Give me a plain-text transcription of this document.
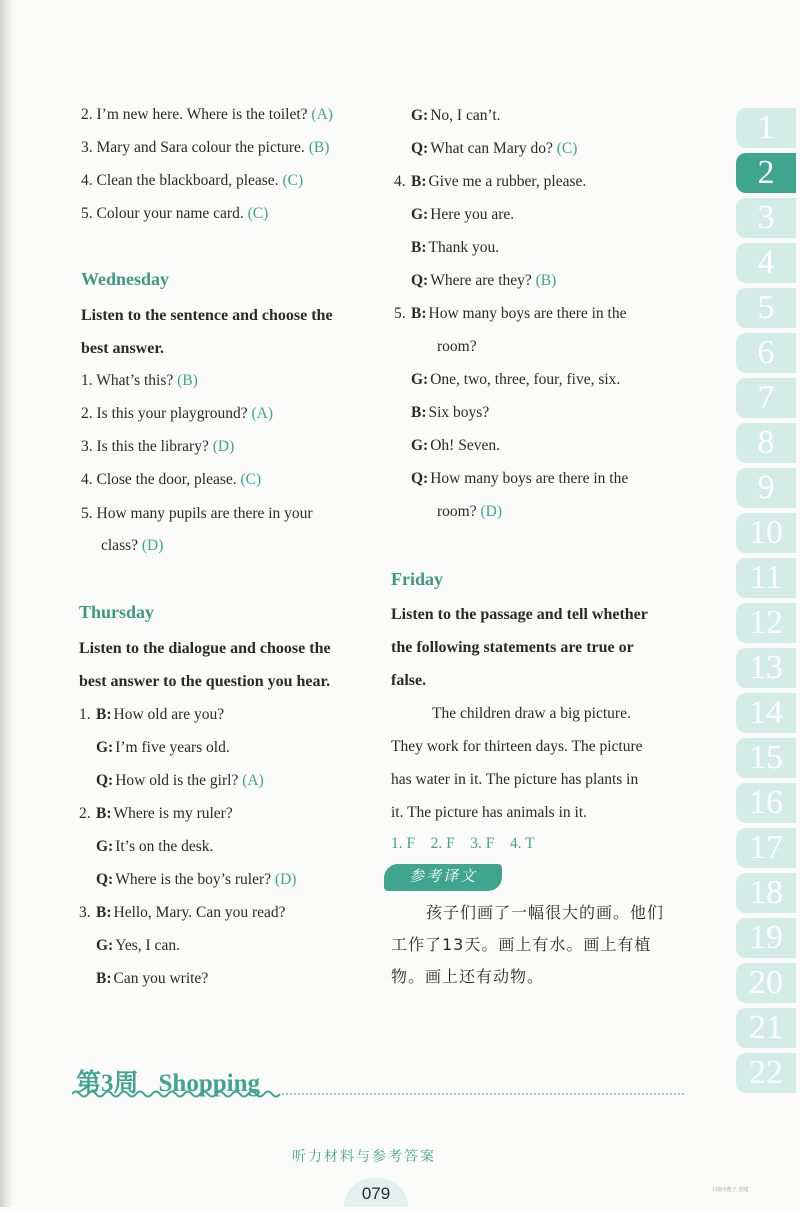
2. I’m new here. Where is the toilet? (A)
3. Mary and Sara colour the picture. (B)
4. Clean the blackboard, please. (C)
5. Colour your name card. (C)
Wednesday
Listen to the sentence and choose the
best answer.
1. What’s this? (B)
2. Is this your playground? (A)
3. Is this the library? (D)
4. Close the door, please. (C)
5. How many pupils are there in your
class? (D)
Thursday
Listen to the dialogue and choose the
best answer to the question you hear.
1. B: How old are you?
G: I’m five years old.
Q: How old is the girl? (A)
2. B: Where is my ruler?
G: It’s on the desk.
Q: Where is the boy’s ruler? (D)
3. B: Hello, Mary. Can you read?
G: Yes, I can.
B: Can you write?
G: No, I can’t.
Q: What can Mary do? (C)
4. B: Give me a rubber, please.
G: Here you are.
B: Thank you.
Q: Where are they? (B)
5. B: How many boys are there in the
room?
G: One, two, three, four, five, six.
B: Six boys?
G: Oh! Seven.
Q: How many boys are there in the
room? (D)
Friday
Listen to the passage and tell whether
the following statements are true or
false.
The children draw a big picture.
They work for thirteen days. The picture
has water in it. The picture has plants in
it. The picture has animals in it.
1. F    2. F    3. F    4. T
参考译文
孩子们画了一幅很大的画。他们
工作了13天。画上有水。画上有植
物。画上还有动物。
1
2
3
4
5
6
7
8
9
10
11
12
13
14
15
16
17
18
19
20
21
22
第3周 Shopping
听力材料与参考答案
079	扫描全能王 创建
